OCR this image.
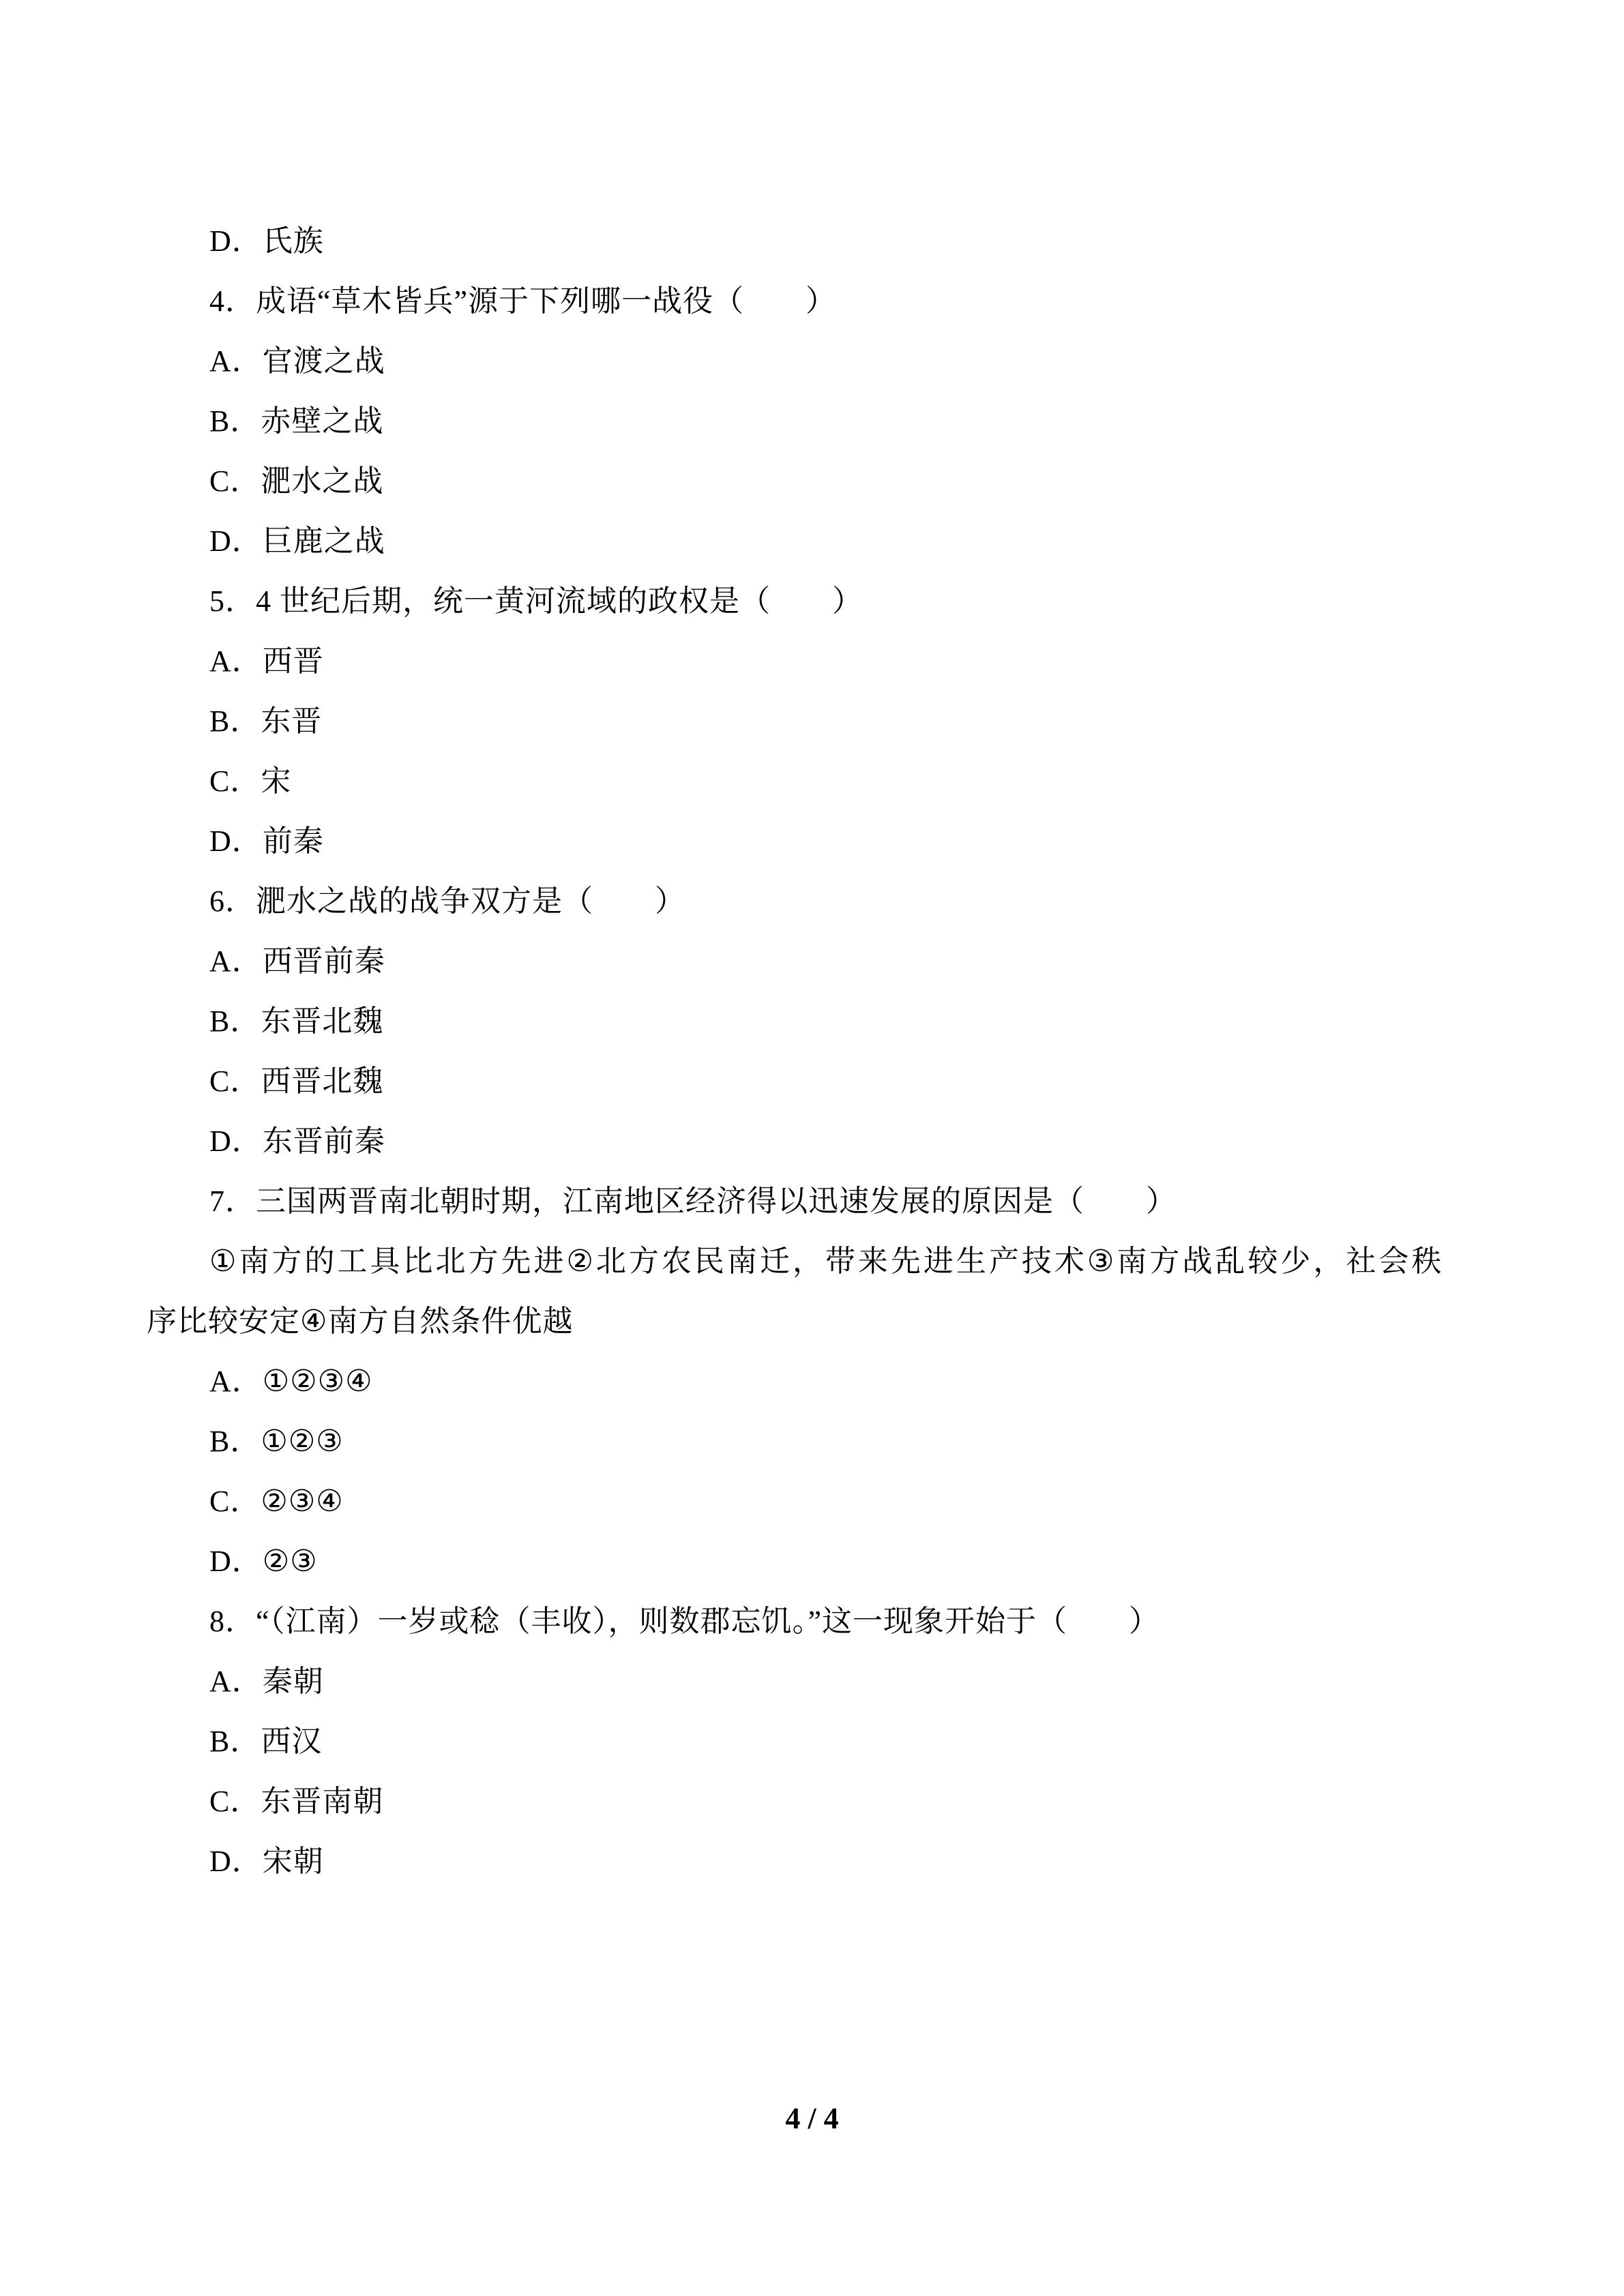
D．氏族
4．成语“草木皆兵”源于下列哪一战役（　　）
A．官渡之战
B．赤壁之战
C．淝水之战
D．巨鹿之战
5．4 世纪后期，统一黄河流域的政权是（　　）
A．西晋
B．东晋
C．宋
D．前秦
6．淝水之战的战争双方是（　　）
A．西晋前秦
B．东晋北魏
C．西晋北魏
D．东晋前秦
7．三国两晋南北朝时期，江南地区经济得以迅速发展的原因是（　　）
①南方的工具比北方先进②北方农民南迁，带来先进生产技术③南方战乱较少，社会秩
序比较安定④南方自然条件优越
A．①②③④
B．①②③
C．②③④
D．②③
8．“（江南）一岁或稔（丰收），则数郡忘饥。”这一现象开始于（　　）
A．秦朝
B．西汉
C．东晋南朝
D．宋朝
4 / 4
